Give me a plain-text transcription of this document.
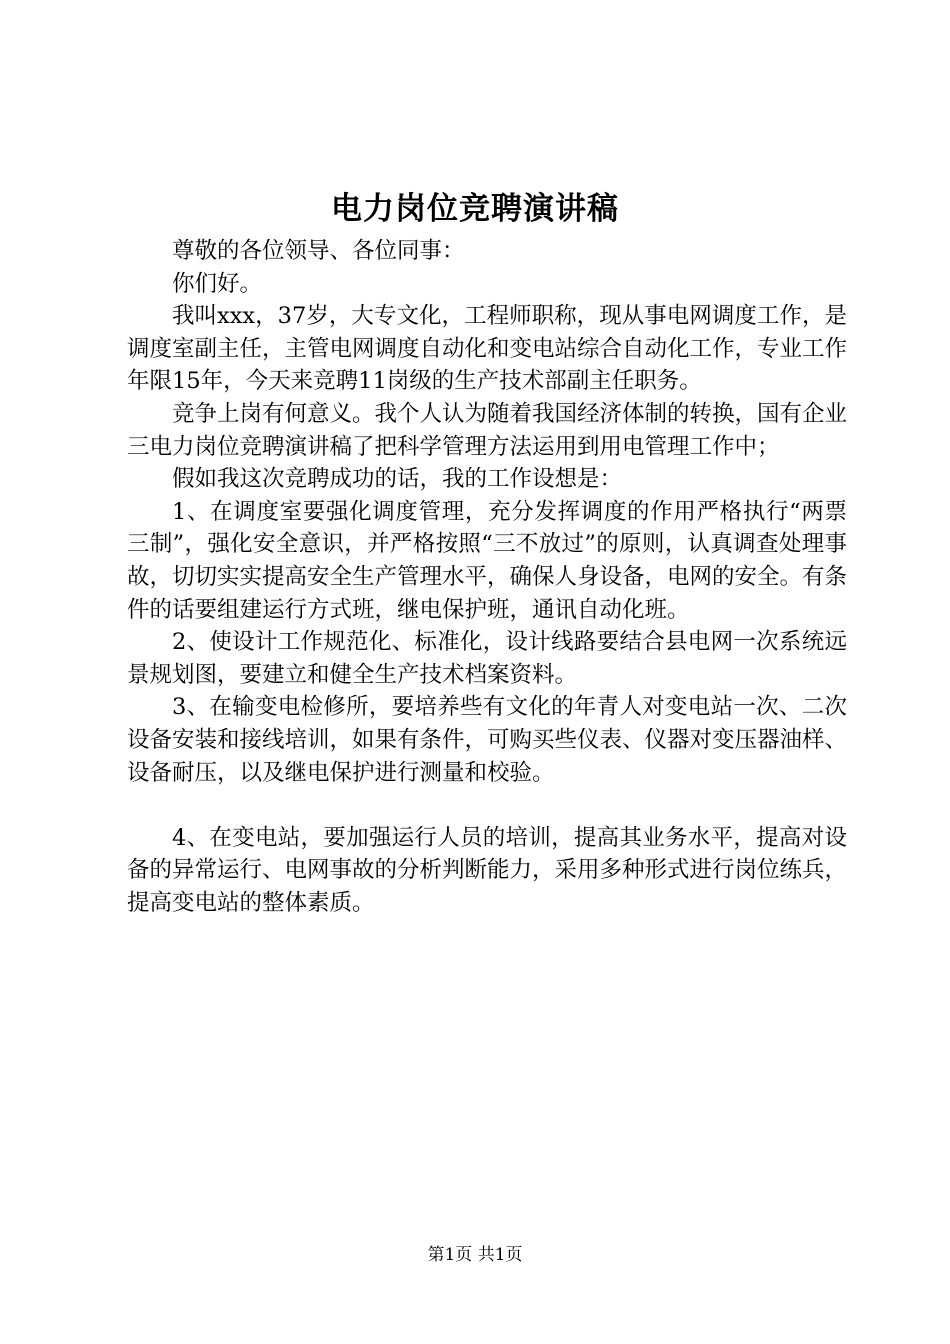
电力岗位竞聘演讲稿

尊敬的各位领导、各位同事：

你们好。

我叫xxx，37岁，大专文化，工程师职称，现从事电网调度工作，是调度室副主任，主管电网调度自动化和变电站综合自动化工作，专业工作年限15年，今天来竞聘11岗级的生产技术部副主任职务。

竞争上岗有何意义。我个人认为随着我国经济体制的转换，国有企业三电力岗位竞聘演讲稿了把科学管理方法运用到用电管理工作中；

假如我这次竞聘成功的话，我的工作设想是：

1、在调度室要强化调度管理，充分发挥调度的作用严格执行“两票三制”，强化安全意识，并严格按照“三不放过”的原则，认真调查处理事故，切切实实提高安全生产管理水平，确保人身设备，电网的安全。有条件的话要组建运行方式班，继电保护班，通讯自动化班。

2、使设计工作规范化、标准化，设计线路要结合县电网一次系统远景规划图，要建立和健全生产技术档案资料。

3、在输变电检修所，要培养些有文化的年青人对变电站一次、二次设备安装和接线培训，如果有条件，可购买些仪表、仪器对变压器油样、设备耐压，以及继电保护进行测量和校验。

4、在变电站，要加强运行人员的培训，提高其业务水平，提高对设备的异常运行、电网事故的分析判断能力，采用多种形式进行岗位练兵，提高变电站的整体素质。

第1页 共1页
